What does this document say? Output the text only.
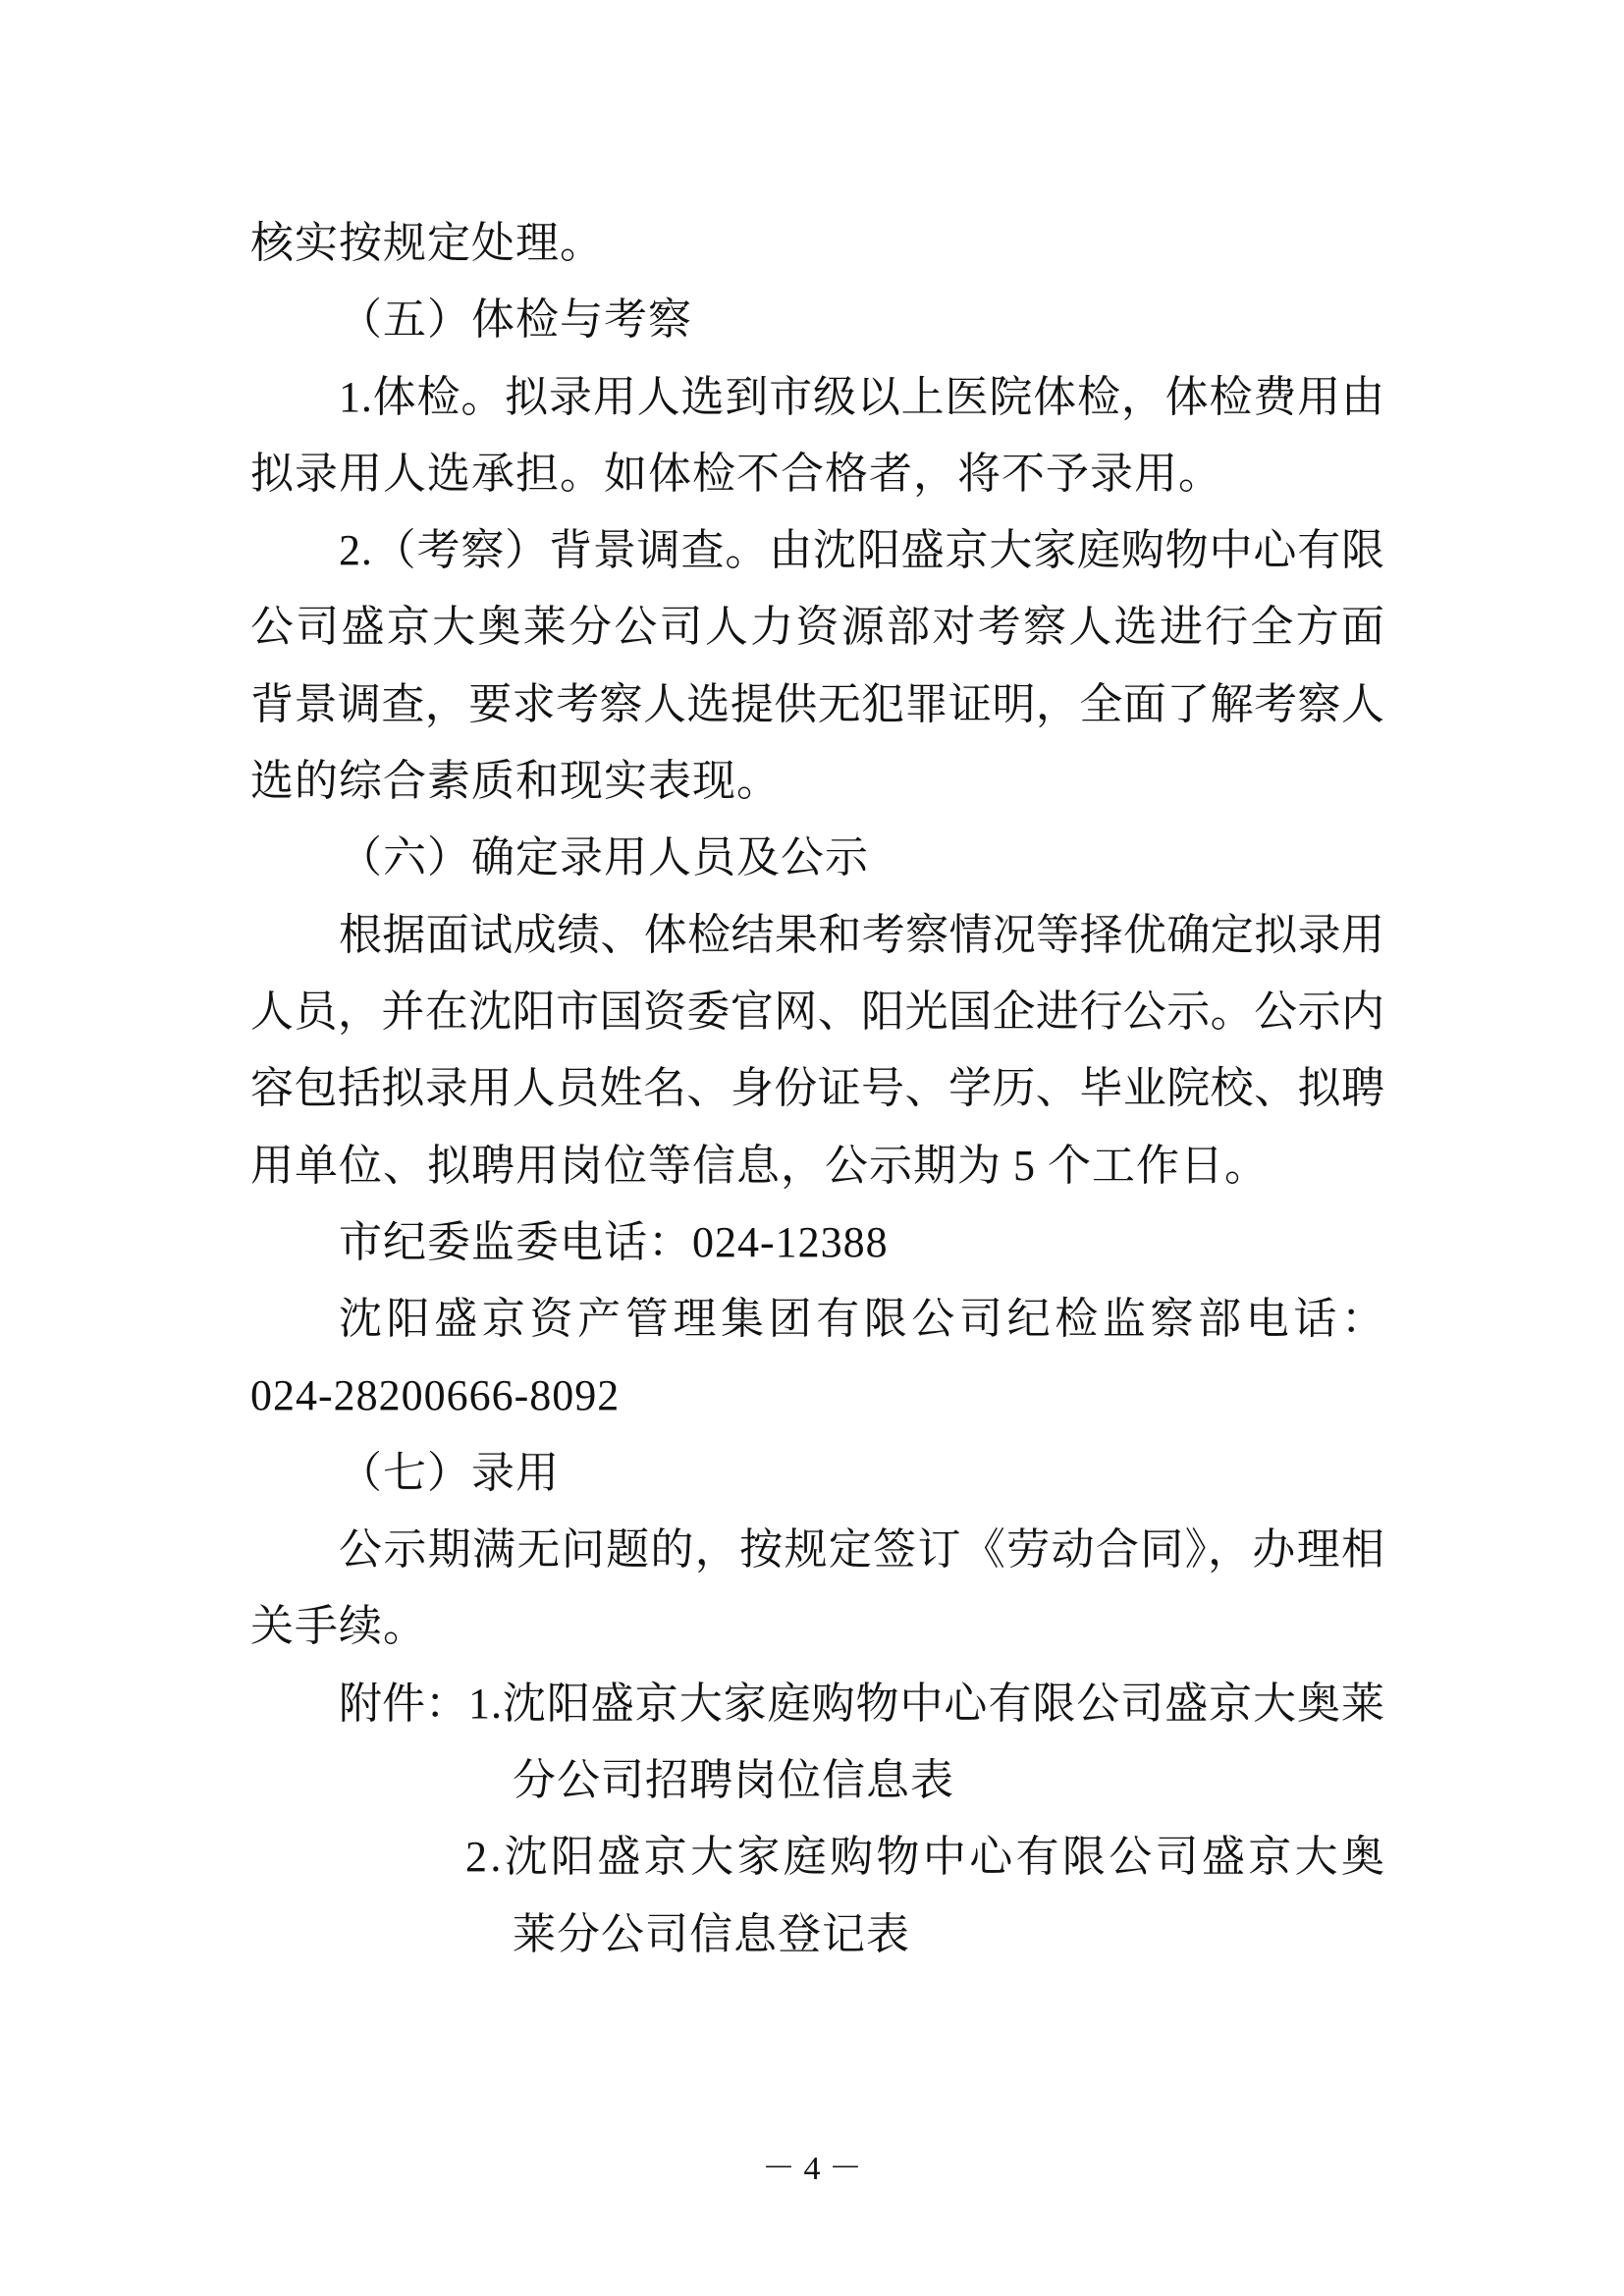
核实按规定处理。
（五）体检与考察
1.体检。拟录用人选到市级以上医院体检，体检费用由
拟录用人选承担。如体检不合格者，将不予录用。
2.（考察）背景调查。由沈阳盛京大家庭购物中心有限
公司盛京大奥莱分公司人力资源部对考察人选进行全方面
背景调查，要求考察人选提供无犯罪证明，全面了解考察人
选的综合素质和现实表现。
（六）确定录用人员及公示
根据面试成绩、体检结果和考察情况等择优确定拟录用
人员，并在沈阳市国资委官网、阳光国企进行公示。公示内
容包括拟录用人员姓名、身份证号、学历、毕业院校、拟聘
用单位、拟聘用岗位等信息，公示期为 5 个工作日。
市纪委监委电话：024-12388
沈阳盛京资产管理集团有限公司纪检监察部电话：
024-28200666-8092
（七）录用
公示期满无问题的，按规定签订《劳动合同》，办理相
关手续。
附件：1.沈阳盛京大家庭购物中心有限公司盛京大奥莱
分公司招聘岗位信息表
2.沈阳盛京大家庭购物中心有限公司盛京大奥
莱分公司信息登记表
－ 4 －
